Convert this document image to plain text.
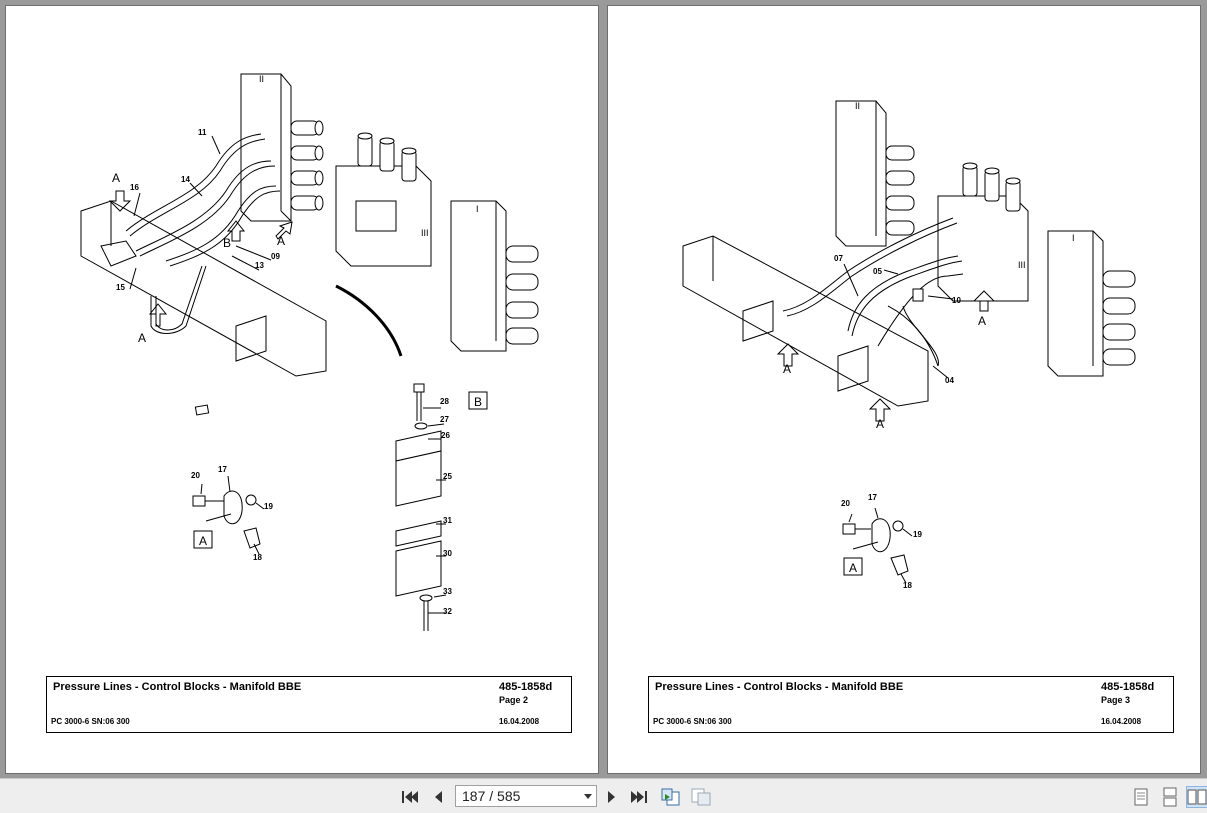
II
III
I
11
14
16
15
13
09
28
27
26
25
31
30
33
32
20
17
19
18
A
A
A
B
A
B
Pressure Lines - Control Blocks - Manifold BBE	485-1858d
Page 2
PC 3000-6 SN:06 300	16.04.2008
II
III
I
07
05
10
04
20
17
19
18
A
A
A
A
Pressure Lines - Control Blocks - Manifold BBE	485-1858d
Page 3
PC 3000-6 SN:06 300	16.04.2008
187 / 585
